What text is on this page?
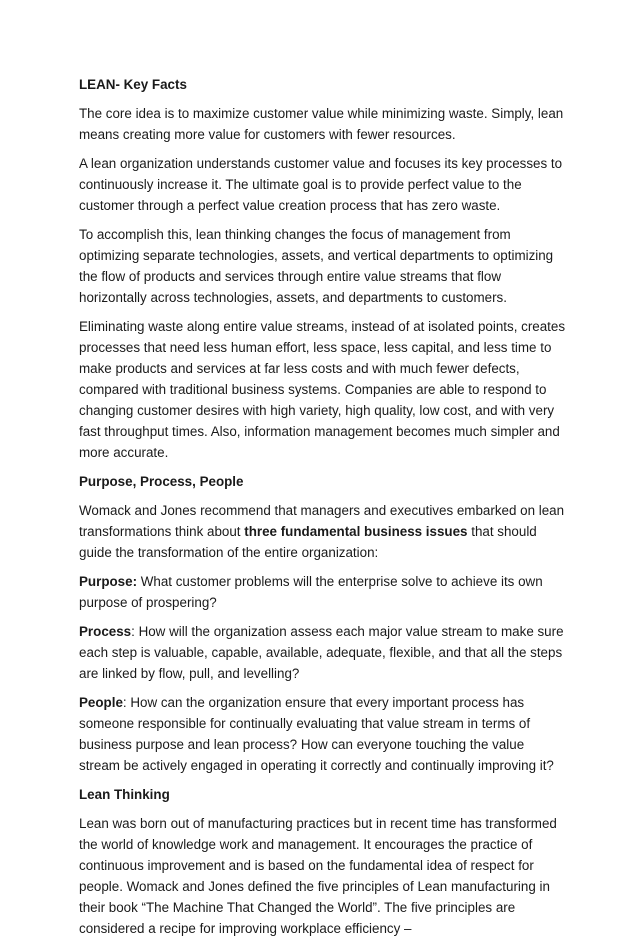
LEAN- Key Facts

The core idea is to maximize customer value while minimizing waste. Simply, lean means creating more value for customers with fewer resources.

A lean organization understands customer value and focuses its key processes to continuously increase it. The ultimate goal is to provide perfect value to the customer through a perfect value creation process that has zero waste.

To accomplish this, lean thinking changes the focus of management from optimizing separate technologies, assets, and vertical departments to optimizing the flow of products and services through entire value streams that flow horizontally across technologies, assets, and departments to customers.

Eliminating waste along entire value streams, instead of at isolated points, creates processes that need less human effort, less space, less capital, and less time to make products and services at far less costs and with much fewer defects, compared with traditional business systems. Companies are able to respond to changing customer desires with high variety, high quality, low cost, and with very fast throughput times. Also, information management becomes much simpler and more accurate.

Purpose, Process, People

Womack and Jones recommend that managers and executives embarked on lean transformations think about three fundamental business issues that should guide the transformation of the entire organization:

Purpose: What customer problems will the enterprise solve to achieve its own purpose of prospering?

Process: How will the organization assess each major value stream to make sure each step is valuable, capable, available, adequate, flexible, and that all the steps are linked by flow, pull, and levelling?

People: How can the organization ensure that every important process has someone responsible for continually evaluating that value stream in terms of business purpose and lean process? How can everyone touching the value stream be actively engaged in operating it correctly and continually improving it?

Lean Thinking

Lean was born out of manufacturing practices but in recent time has transformed the world of knowledge work and management. It encourages the practice of continuous improvement and is based on the fundamental idea of respect for people. Womack and Jones defined the five principles of Lean manufacturing in their book “The Machine That Changed the World”. The five principles are considered a recipe for improving workplace efficiency –
